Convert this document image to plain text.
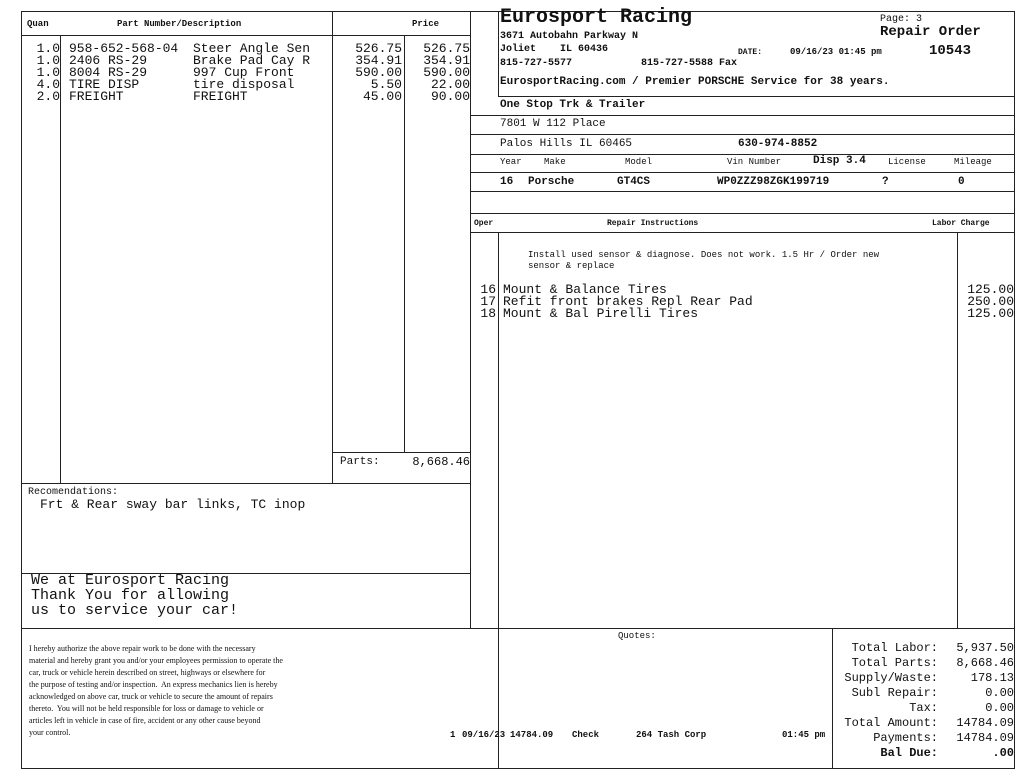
Quan	Part Number/Description	Price
1.0 958-652-568-04 Steer Angle Sen	526.75	526.75
1.0 2406 RS-29	Brake Pad Cay R	354.91	354.91
1.0 8004 RS-29	997 Cup Front	590.00	590.00
4.0 TIRE DISP	tire disposal	5.50	22.00
2.0 FREIGHT	FREIGHT	45.00	90.00
Parts:	8,668.46
Recomendations:
Frt & Rear sway bar links, TC inop
We at Eurosport Racing
Thank You for allowing
us to service your car!
Eurosport Racing
3671 Autobahn Parkway N
Joliet    IL 60436
815-727-5577	815-727-5588 Fax
EurosportRacing.com / Premier PORSCHE Service for 38 years.
Page: 3
Repair Order
DATE:	09/16/23 01:45 pm	10543
One Stop Trk & Trailer
7801 W 112 Place
Palos Hills IL 60465	630-974-8852
Year Make	Model	Vin Number	Disp 3.4 License	Mileage
16 Porsche	GT4CS	WP0ZZZ98ZGK199719	?	0
Oper	Repair Instructions	Labor Charge
Install used sensor & diagnose. Does not work. 1.5 Hr / Order new
sensor & replace
16 Mount & Balance Tires	125.00
17 Refit front brakes Repl Rear Pad	250.00
18 Mount & Bal Pirelli Tires	125.00
I hereby authorize the above repair work to be done with the necessary
material and hereby grant you and/or your employees permission to operate the
car, truck or vehicle herein described on street, highways or elsewhere for
the purpose of testing and/or inspection.  An express mechanics lien is hereby
acknowledged on above car, truck or vehicle to secure the amount of repairs
thereto.  You will not be held responsible for loss or damage to vehicle or
articles left in vehicle in case of fire, accident or any other cause beyond
your control.
Quotes:
1 09/16/23 14784.09 Check	264 Tash Corp	01:45 pm
Total Labor:	5,937.50
Total Parts:	8,668.46
Supply/Waste:	178.13
Subl Repair:	0.00
Tax:	0.00
Total Amount:	14784.09
Payments:	14784.09
Bal Due:	.00
